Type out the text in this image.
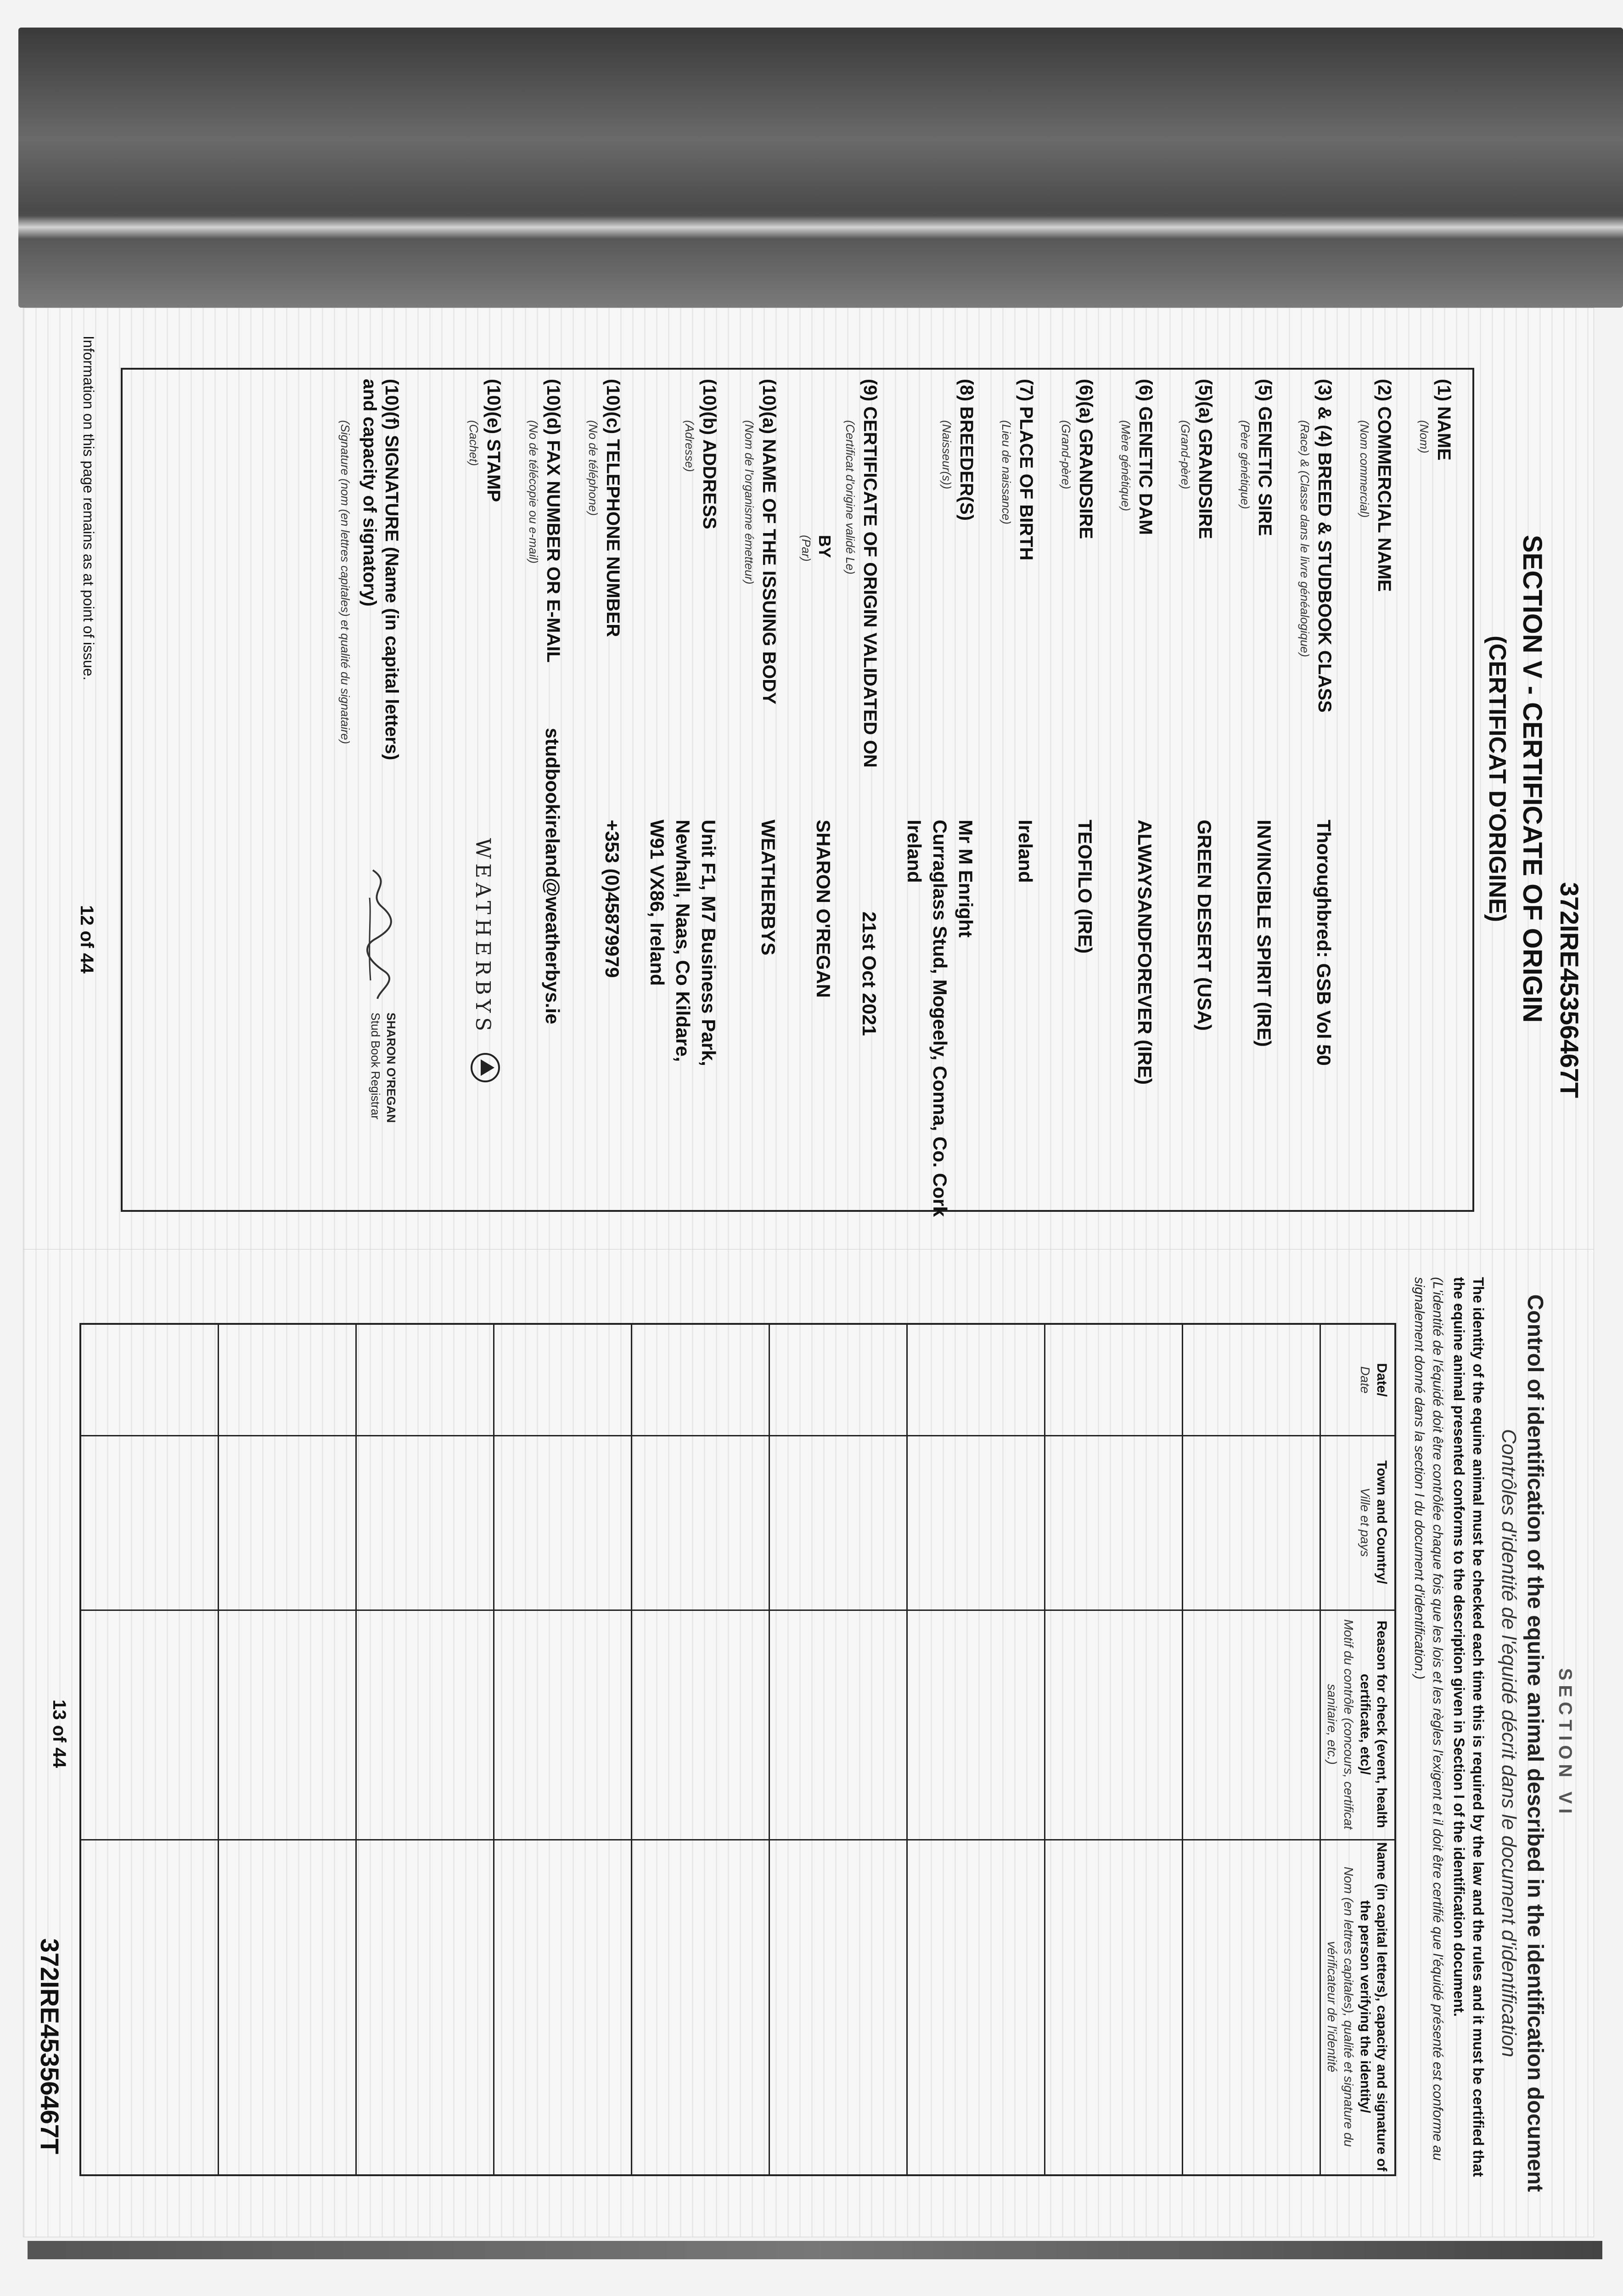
SECTION V - CERTIFICATE OF ORIGIN
(CERTIFICAT D'ORIGINE)
372IRE45356467T
(1) NAME
(Nom)
(2) COMMERCIAL NAME
(Nom commercial)
(3) & (4) BREED & STUDBOOK CLASS
(Race) & (Classe dans le livre généalogique)
Thoroughbred: GSB Vol 50
(5) GENETIC SIRE
(Père génétique)
INVINCIBLE SPIRIT (IRE)
(5)(a) GRANDSIRE
(Grand-père)
GREEN DESERT (USA)
(6) GENETIC DAM
(Mère génétique)
ALWAYSANDFOREVER (IRE)
(6)(a) GRANDSIRE
(Grand-père)
TEOFILO (IRE)
(7) PLACE OF BIRTH
(Lieu de naissance)
Ireland
(8) BREEDER(S)
(Naisseur(s))
Mr M Enright
Curraglass Stud, Mogeely, Conna, Co. Cork
Ireland
(9) CERTIFICATE OF ORIGIN VALIDATED ON
(Certificat d'origine validé Le)
21st Oct 2021
BY
(Par)
SHARON O'REGAN
(10)(a) NAME OF THE ISSUING BODY
(Nom de l'organisme émetteur)
WEATHERBYS
(10)(b) ADDRESS
(Adresse)
Unit F1, M7 Business Park,
Newhall, Naas, Co Kildare,
W91 VX86, Ireland
(10)(c) TELEPHONE NUMBER
(No de téléphone)
+353 (0)45879979
(10)(d) FAX NUMBER OR E-MAIL
(No de télécopie ou e-mail)
studbookireland@weatherbys.ie
(10)(e) STAMP
(Cachet)
WEATHERBYS
(10)(f) SIGNATURE (Name (in capital letters) and capacity of signatory)
(Signature (nom (en lettres capitales) et qualité du signataire)
SHARON O'REGAN
Stud Book Registrar
Information on this page remains as at point of issue.
12 of 44
SECTION VI
Control of identification of the equine animal described in the identification document
Contrôles d'identité de l'équidé décrit dans le document d'identification
372IRE45356467T	The identity of the equine animal must be checked each time this is required by the law and the rules and it must be certified that the equine animal presented conforms to the description given in Section I of the identification document.
(L'identité de l'équidé doit être contrôlée chaque fois que les lois et les règles l'exigent et il doit être certifié que l'équidé présenté est conforme au signalement donné dans la section I du document d'identification.)
Date/
Date
Town and Country/
Ville et pays
Reason for check (event, health certificate, etc)/
Motif du contrôle (concours, certificat sanitaire, etc.)
Name (in capital letters), capacity and signature of the person verifying the identity/
Nom (en lettres capitales), qualité et signature du vérificateur de l'identité
13 of 44
